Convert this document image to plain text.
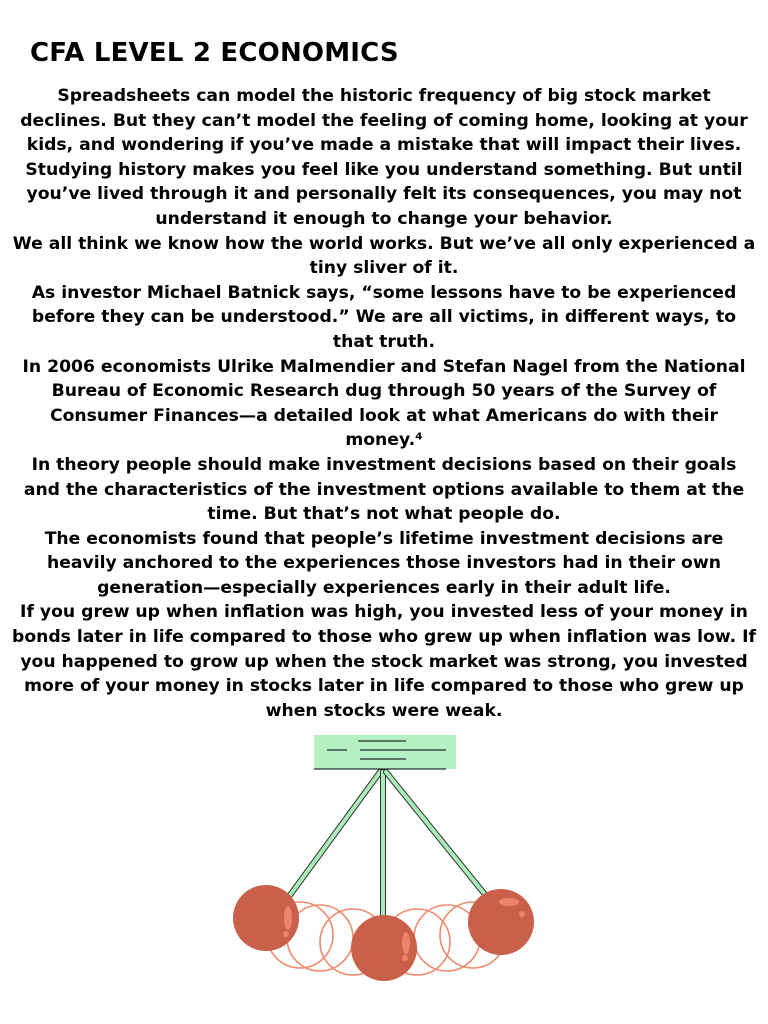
CFA LEVEL 2 ECONOMICS

Spreadsheets can model the historic frequency of big stock market declines. But they can’t model the feeling of coming home, looking at your kids, and wondering if you’ve made a mistake that will impact their lives. Studying history makes you feel like you understand something. But until you’ve lived through it and personally felt its consequences, you may not understand it enough to change your behavior.

We all think we know how the world works. But we’ve all only experienced a tiny sliver of it.

As investor Michael Batnick says, “some lessons have to be experienced before they can be understood.” We are all victims, in different ways, to that truth.

In 2006 economists Ulrike Malmendier and Stefan Nagel from the National Bureau of Economic Research dug through 50 years of the Survey of Consumer Finances—a detailed look at what Americans do with their money.⁴

In theory people should make investment decisions based on their goals and the characteristics of the investment options available to them at the time. But that’s not what people do.

The economists found that people’s lifetime investment decisions are heavily anchored to the experiences those investors had in their own generation—especially experiences early in their adult life.

If you grew up when inflation was high, you invested less of your money in bonds later in life compared to those who grew up when inflation was low. If you happened to grow up when the stock market was strong, you invested more of your money in stocks later in life compared to those who grew up when stocks were weak.
